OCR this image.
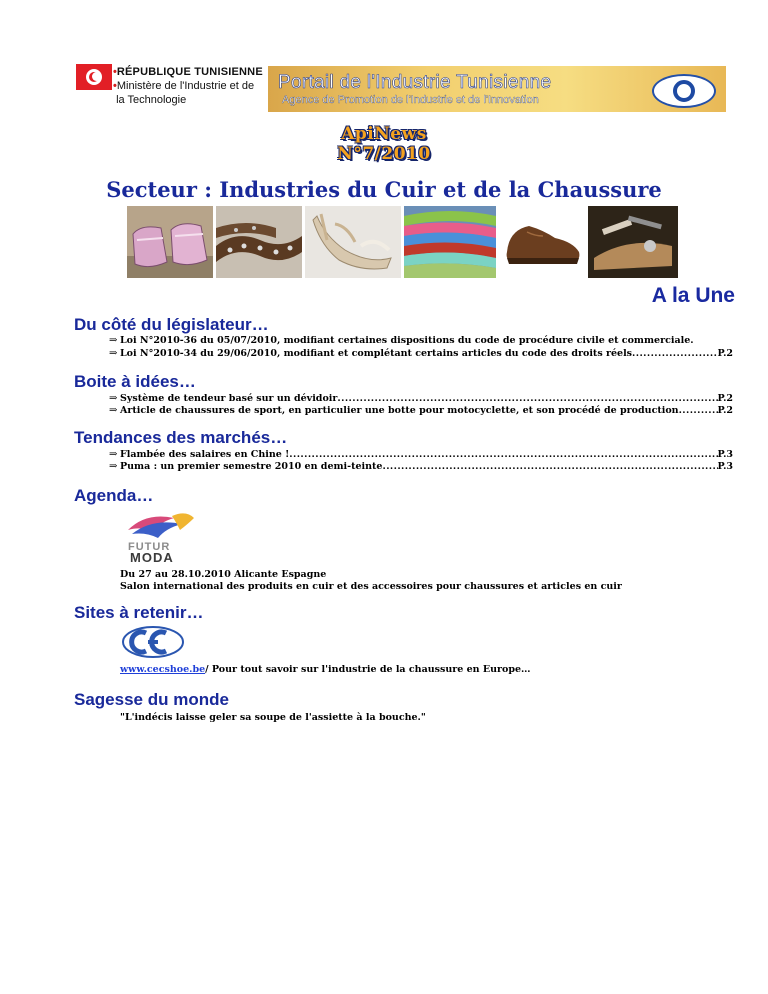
•RÉPUBLIQUE TUNISIENNE
•Ministère de l'Industrie et de
la Technologie
Portail de l'Industrie Tunisienne
Agence de Promotion de l'Industrie et de l'Innovation
ApiNews
N°7/2010
Secteur : Industries du Cuir et de la Chaussure
A la Une
Du côté du législateur…
⇒ Loi N°2010-36 du 05/07/2010, modifiant certaines dispositions du code de procédure civile et commerciale.
⇒ Loi N°2010-34 du 29/06/2010, modifiant et complétant certains articles du code des droits réels .....	P.2
Boite à idées…
⇒ Système de tendeur basé sur un dévidoir .....	P.2
⇒ Article de chaussures de sport, en particulier une botte pour motocyclette, et son procédé de production .....	P.2
Tendances des marchés…
⇒ Flambée des salaires en Chine ! .....	P.3
⇒ Puma : un premier semestre 2010 en demi-teinte .....	P.3
Agenda…
FUTUR
MODA
Du 27 au 28.10.2010 Alicante Espagne
Salon international des produits en cuir et des accessoires pour chaussures et articles en cuir
Sites à retenir…
www.cecshoe.be/ Pour tout savoir sur l'industrie de la chaussure en Europe…
Sagesse du monde
"L'indécis laisse geler sa soupe de l'assiette à la bouche."
